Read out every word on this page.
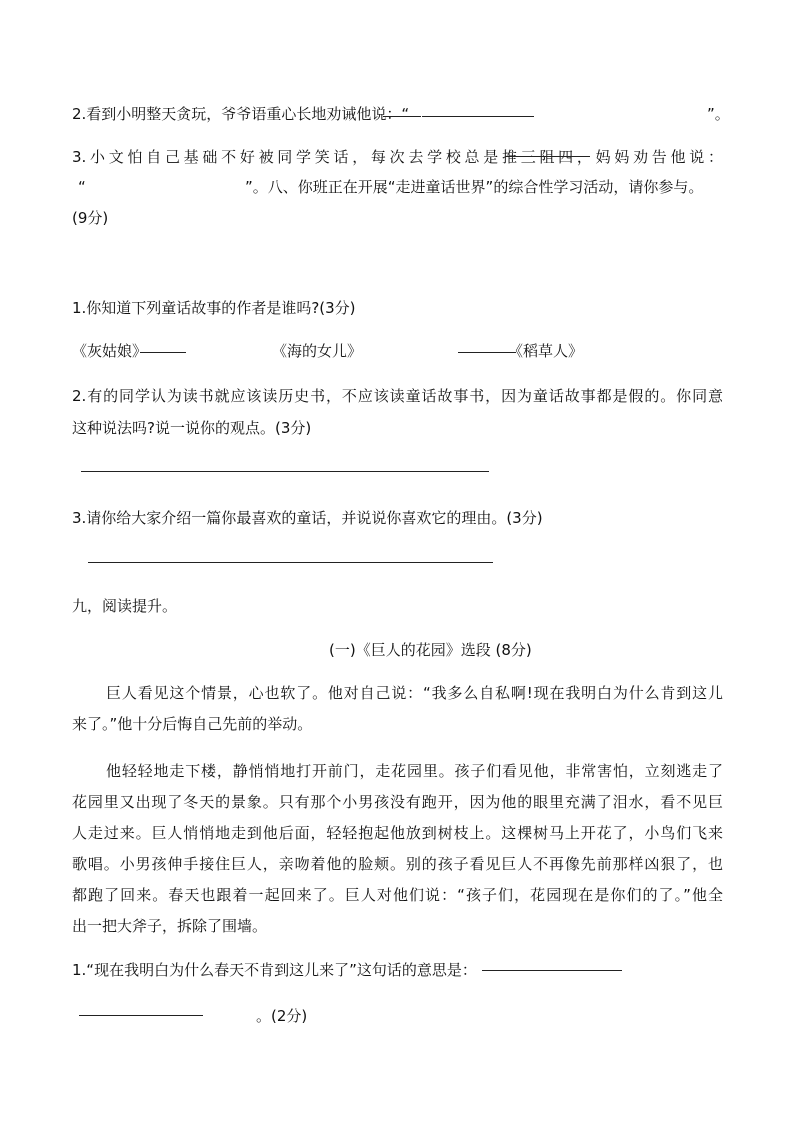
2.看到小明整天贪玩，爷爷语重心长地劝诫他说：“	”。
3.小文怕自己基础不好被同学笑话，每次去学校总是推三阻四，妈妈劝告他说：
“	”。八、你班正在开展“走进童话世界”的综合性学习活动，请你参与。
(9分)
1.你知道下列童话故事的作者是谁吗?(3分)
《灰姑娘》	《海的女儿》	《稻草人》
2.有的同学认为读书就应该读历史书，不应该读童话故事书，因为童话故事都是假的。你同意
这种说法吗?说一说你的观点。(3分)
3.请你给大家介绍一篇你最喜欢的童话，并说说你喜欢它的理由。(3分)
九，阅读提升。
(一)《巨人的花园》选段 (8分)
巨人看见这个情景，心也软了。他对自己说：“我多么自私啊!现在我明白为什么肯到这儿
来了。”他十分后悔自己先前的举动。
他轻轻地走下楼，静悄悄地打开前门，走花园里。孩子们看见他，非常害怕，立刻逃走了
花园里又出现了冬天的景象。只有那个小男孩没有跑开，因为他的眼里充满了泪水，看不见巨
人走过来。巨人悄悄地走到他后面，轻轻抱起他放到树枝上。这棵树马上开花了，小鸟们飞来
歌唱。小男孩伸手接住巨人，亲吻着他的脸颊。别的孩子看见巨人不再像先前那样凶狠了，也
都跑了回来。春天也跟着一起回来了。巨人对他们说：“孩子们，花园现在是你们的了。”他全
出一把大斧子，拆除了围墙。
1.“现在我明白为什么春天不肯到这儿来了”这句话的意思是：
。(2分)
